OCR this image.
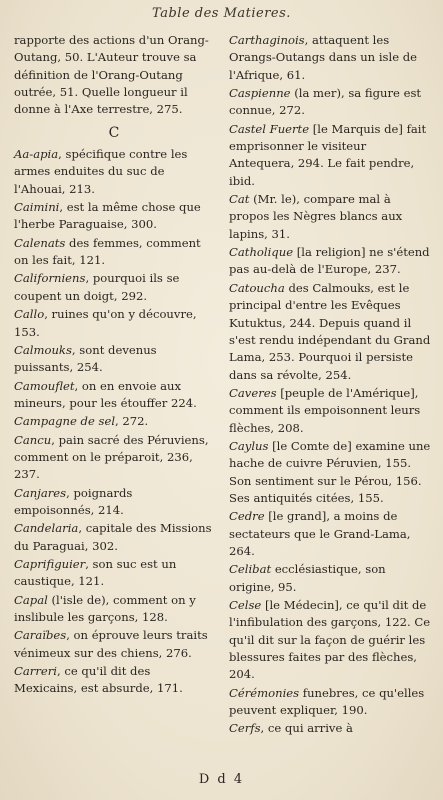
Table des Matieres.
rapporte des actions d'un Orang-Outang, 50. L'Auteur trouve sa définition de l'Orang-Outang outrée, 51. Quelle longueur il donne à l'Axe terrestre, 275.
C
Aa-apia, spécifique contre les armes enduites du suc de l'Ahouai, 213.
Caimini, est la même chose que l'herbe Paraguaise, 300.
Calenats des femmes, comment on les fait, 121.
Californiens, pourquoi ils se coupent un doigt, 292.
Callo, ruines qu'on y découvre, 153.
Calmouks, sont devenus puissants, 254.
Camouflet, on en envoie aux mineurs, pour les étouffer 224.
Campagne de sel, 272.
Cancu, pain sacré des Péruviens, comment on le préparoit, 236, 237.
Canjares, poignards empoisonnés, 214.
Candelaria, capitale des Missions du Paraguai, 302.
Caprifiguier, son suc est un caustique, 121.
Capal (l'isle de), comment on y inslibule les garçons, 128.
Caraïbes, on éprouve leurs traits vénimeux sur des chiens, 276.
Carreri, ce qu'il dit des Mexicains, est absurde, 171.
Carthaginois, attaquent les Orangs-Outangs dans un isle de l'Afrique, 61.
Caspienne (la mer), sa figure est connue, 272.
Castel Fuerte [le Marquis de] fait emprisonner le visiteur Antequera, 294. Le fait pendre, ibid.
Cat (Mr. le), compare mal à propos les Nègres blancs aux lapins, 31.
Catholique [la religion] ne s'étend pas au-delà de l'Europe, 237.
Catoucha des Calmouks, est le principal d'entre les Evêques Kutuktus, 244. Depuis quand il s'est rendu indépendant du Grand Lama, 253. Pourquoi il persiste dans sa révolte, 254.
Caveres [peuple de l'Amérique], comment ils empoisonnent leurs flèches, 208.
Caylus [le Comte de] examine une hache de cuivre Péruvien, 155. Son sentiment sur le Pérou, 156. Ses antiquités citées, 155.
Cedre [le grand], a moins de sectateurs que le Grand-Lama, 264.
Celibat ecclésiastique, son origine, 95.
Celse [le Médecin], ce qu'il dit de l'infibulation des garçons, 122. Ce qu'il dit sur la façon de guérir les blessures faites par des flèches, 204.
Cérémonies funebres, ce qu'elles peuvent expliquer, 190.
Cerfs, ce qui arrive à
D d 4
